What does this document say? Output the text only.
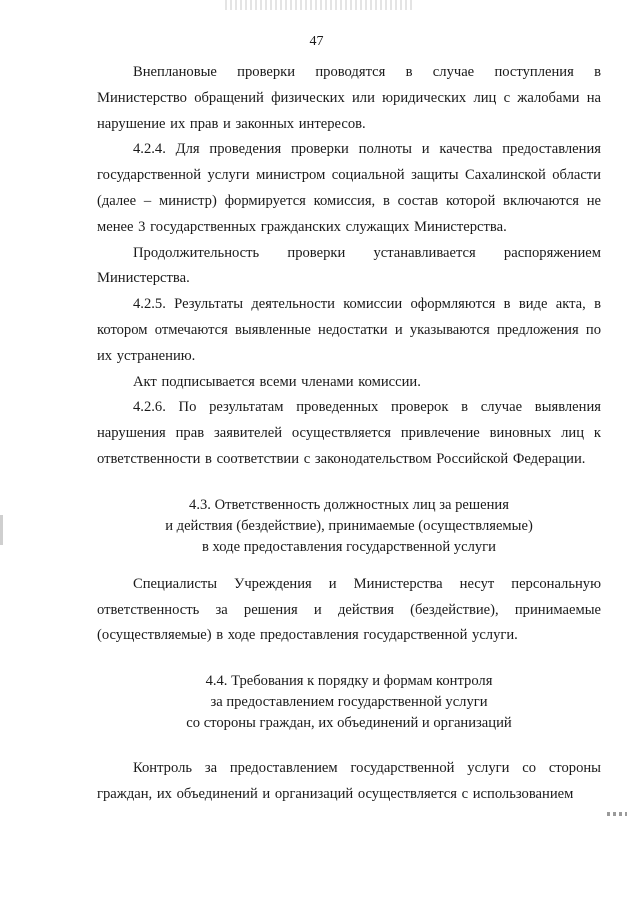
47

Внеплановые проверки проводятся в случае поступления в Министерство обращений физических или юридических лиц с жалобами на нарушение их прав и законных интересов.

4.2.4. Для проведения проверки полноты и качества предоставления государственной услуги министром социальной защиты Сахалинской области (далее – министр) формируется комиссия, в состав которой включаются не менее 3 государственных гражданских служащих Министерства.

Продолжительность проверки устанавливается распоряжением Министерства.

4.2.5. Результаты деятельности комиссии оформляются в виде акта, в котором отмечаются выявленные недостатки и указываются предложения по их устранению.

Акт подписывается всеми членами комиссии.

4.2.6. По результатам проведенных проверок в случае выявления нарушения прав заявителей осуществляется привлечение виновных лиц к ответственности в соответствии с законодательством Российской Федерации.

4.3. Ответственность должностных лиц за решения
и действия (бездействие), принимаемые (осуществляемые)
в ходе предоставления государственной услуги

Специалисты Учреждения и Министерства несут персональную ответственность за решения и действия (бездействие), принимаемые (осуществляемые) в ходе предоставления государственной услуги.

4.4. Требования к порядку и формам контроля
за предоставлением государственной услуги
со стороны граждан, их объединений и организаций

Контроль за предоставлением государственной услуги со стороны граждан, их объединений и организаций осуществляется с использованием
